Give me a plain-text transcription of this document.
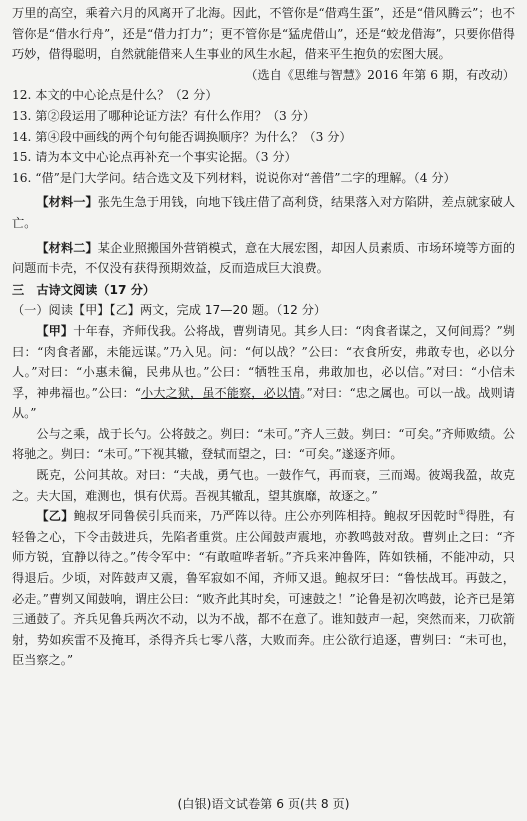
万里的高空，乘着六月的风离开了北海。因此，不管你是“借鸡生蛋”，还是“借风腾云”；也不管你是“借水行舟”，还是“借力打力”；更不管你是“猛虎借山”，还是“蛟龙借海”，只要你借得巧妙，借得聪明，自然就能借来人生事业的风生水起，借来平生抱负的宏图大展。

（选自《思维与智慧》2016 年第 6 期，有改动）

12. 本文的中心论点是什么？（2 分）

13. 第②段运用了哪种论证方法？有什么作用？（3 分）

14. 第④段中画线的两个句句能否调换顺序？为什么？（3 分）

15. 请为本文中心论点再补充一个事实论据。（3 分）

16. “借”是门大学问。结合选文及下列材料，说说你对“善借”二字的理解。（4 分）

【材料一】张先生急于用钱，向地下钱庄借了高利贷，结果落入对方陷阱，差点就家破人亡。

【材料二】某企业照搬国外营销模式，意在大展宏图，却因人员素质、市场环境等方面的问题而卡壳，不仅没有获得预期效益，反而造成巨大浪费。

三　古诗文阅读（17 分）

（一）阅读【甲】【乙】两文，完成 17—20 题。（12 分）

【甲】十年春，齐师伐我。公将战，曹刿请见。其乡人曰：“肉食者谋之，又何间焉？”刿曰：“肉食者鄙，未能远谋。”乃入见。问：“何以战？”公曰：“衣食所安，弗敢专也，必以分人。”对曰：“小惠未徧，民弗从也。”公曰：“牺牲玉帛，弗敢加也，必以信。”对曰：“小信未孚，神弗福也。”公曰：“小大之狱，虽不能察，必以情。”对曰：“忠之属也。可以一战。战则请从。”

公与之乘，战于长勺。公将鼓之。刿曰：“未可。”齐人三鼓。刿曰：“可矣。”齐师败绩。公将驰之。刿曰：“未可。”下视其辙，登轼而望之，曰：“可矣。”遂逐齐师。

既克，公问其故。对曰：“夫战，勇气也。一鼓作气，再而衰，三而竭。彼竭我盈，故克之。夫大国，难测也，惧有伏焉。吾视其辙乱，望其旗靡，故逐之。”

【乙】鲍叔牙同鲁侯引兵而来，乃严阵以待。庄公亦列阵相持。鲍叔牙因乾时①得胜，有轻鲁之心，下令击鼓进兵，先陷者重赏。庄公闻鼓声震地，亦教鸣鼓对敌。曹刿止之曰：“齐师方锐，宜静以待之。”传令军中：“有敢喧哗者斩。”齐兵来冲鲁阵，阵如铁桶，不能冲动，只得退后。少顷，对阵鼓声又震，鲁军寂如不闻，齐师又退。鲍叔牙曰：“鲁怯战耳。再鼓之，必走。”曹刿又闻鼓响，谓庄公曰：“败齐此其时矣，可速鼓之！”论鲁是初次鸣鼓，论齐已是第三通鼓了。齐兵见鲁兵两次不动，以为不战，都不在意了。谁知鼓声一起，突然而来，刀砍箭射，势如疾雷不及掩耳，杀得齐兵七零八落，大败而奔。庄公欲行追逐，曹刿曰：“未可也，臣当察之。”

(白银)语文试卷第 6 页(共 8 页)
